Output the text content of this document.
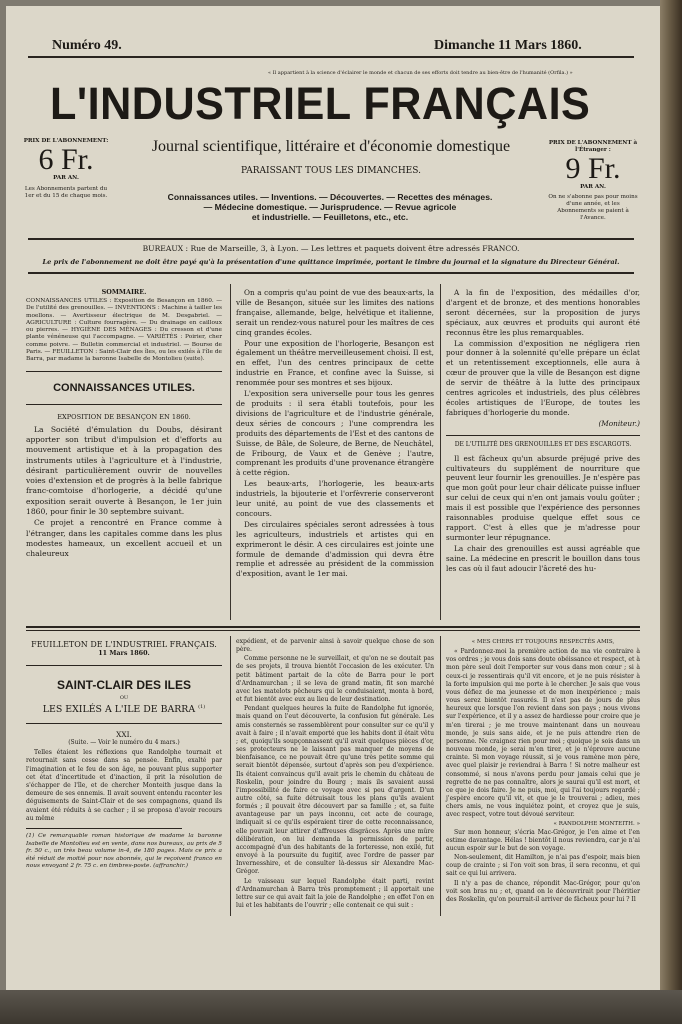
Numéro 49.	Dimanche 11 Mars 1860.
« Il appartient à la science d'éclairer le monde et chacun de ses efforts doit tendre au bien-être de l'humanité (Orfila.) »
L'INDUSTRIEL FRANÇAIS
PRIX DE L'ABONNEMENT:
6 Fr.
PAR AN.
Les Abonnements partent du 1er et du 15 de chaque mois.
PRIX DE L'ABONNEMENT à l'Étranger :
9 Fr.
PAR AN.
On ne s'abonne pas pour moins d'une année, et les Abonnements se paient à l'Avance.
Journal scientifique, littéraire et d'économie domestique
PARAISSANT TOUS LES DIMANCHES.
Connaissances utiles. — Inventions. — Découvertes. — Recettes des ménages.
— Médecine domestique. — Jurisprudence. — Revue agricole
et industrielle. — Feuilletons, etc., etc.
BUREAUX : Rue de Marseille, 3, à Lyon. — Les lettres et paquets doivent être adressés FRANCO.
Le prix de l'abonnement ne doit être payé qu'à la présentation d'une quittance imprimée, portant le timbre du journal et la signature du Directeur Général.
SOMMAIRE.
CONNAISSANCES UTILES : Exposition de Besançon en 1860. — De l'utilité des grenouilles. — INVENTIONS : Machine à tailler les moellons. — Avertisseur électrique de M. Desgabriel. — AGRICULTURE : Culture fourragère. — Du drainage en cailloux ou pierres. — HYGIÈNE DES MÉNAGES : Du cresson et d'une plante vénéneuse qui l'accompagne. — VARIÉTÉS : Poirier, cher comme poivre. — Bulletin commercial et industriel. — Bourse de Paris. — FEUILLETON : Saint-Clair des îles, ou les exilés à l'île de Barra, par madame la baronne Isabelle de Montolieu (suite).
CONNAISSANCES UTILES.
EXPOSITION DE BESANÇON EN 1860.

La Société d'émulation du Doubs, désirant apporter son tribut d'impulsion et d'efforts au mouvement artistique et à la propagation des instruments utiles à l'agriculture et à l'industrie, désirant particulièrement ouvrir de nouvelles voies d'extension et de progrès à la belle fabrique franc-comtoise d'horlogerie, a décidé qu'une exposition serait ouverte à Besançon, le 1er juin 1860, pour finir le 30 septembre suivant.

Ce projet a rencontré en France comme à l'étranger, dans les capitales comme dans les plus modestes hameaux, un excellent accueil et un chaleureux

On a compris qu'au point de vue des beaux-arts, la ville de Besançon, située sur les limites des nations française, allemande, belge, helvétique et italienne, serait un rendez-vous naturel pour les maîtres de ces cinq grandes écoles.

Pour une exposition de l'horlogerie, Besançon est également un théâtre merveilleusement choisi. Il est, en effet, l'un des centres principaux de cette industrie en France, et confine avec la Suisse, si renommée pour ses montres et ses bijoux.

L'exposition sera universelle pour tous les genres de produits : il sera établi toutefois, pour les divisions de l'agriculture et de l'industrie générale, deux séries de concours ; l'une comprendra les produits des départements de l'Est et des cantons de Suisse, de Bâle, de Soleure, de Berne, de Neuchâtel, de Fribourg, de Vaux et de Genève ; l'autre, comprenant les produits d'une provenance étrangère à cette région.

Les beaux-arts, l'horlogerie, les beaux-arts industriels, la bijouterie et l'orfèvrerie conserveront leur unité, au point de vue des classements et concours.

Des circulaires spéciales seront adressées à tous les agriculteurs, industriels et artistes qui en exprimeront le désir. A ces circulaires est jointe une formule de demande d'admission qui devra être remplie et adressée au président de la commission d'exposition, avant le 1er mai.

A la fin de l'exposition, des médailles d'or, d'argent et de bronze, et des mentions honorables seront décernées, sur la proposition de jurys spéciaux, aux œuvres et produits qui auront été reconnus être les plus remarquables.

La commission d'exposition ne négligera rien pour donner à la solennité qu'elle prépare un éclat et un retentissement exceptionnels, elle aura à cœur de prouver que la ville de Besançon est digne de servir de théâtre à la lutte des principaux centres agricoles et industriels, des plus célèbres écoles artistiques de l'Europe, de toutes les fabriques d'horlogerie du monde.

(Moniteur.)
DE L'UTILITÉ DES GRENOUILLES ET DES ESCARGOTS.

Il est fâcheux qu'un absurde préjugé prive des cultivateurs du supplément de nourriture que peuvent leur fournir les grenouilles. Je n'espère pas que mon goût pour leur chair délicate puisse influer sur celui de ceux qui n'en ont jamais voulu goûter ; mais il est possible que l'expérience des personnes raisonnables produise quelque effet sous ce rapport. C'est à elles que je m'adresse pour surmonter leur répugnance.

La chair des grenouilles est aussi agréable que saine. La médecine en prescrit le bouillon dans tous les cas où il faut adoucir l'âcreté des hu-

FEUILLETON DE L'INDUSTRIEL FRANÇAIS.
11 Mars 1860.
SAINT-CLAIR DES ILES
OU
LES EXILÉS A L'ILE DE BARRA $^{(1)}$
XXI.
(Suite. — Voir le numéro du 4 mars.)

Telles étaient les réflexions que Randolphe tournait et retournait sans cesse dans sa pensée. Enfin, exalté par l'imagination et le feu de son âge, ne pouvant plus supporter cet état d'incertitude et d'inaction, il prit la résolution de s'échapper de l'île, et de chercher Monteith jusque dans la demeure de ses ennemis. Il avait souvent entendu raconter les déguisements de Saint-Clair et de ses compagnons, quand ils avaient été réduits à se cacher ; il se proposa d'avoir recours au même

(1) Ce remarquable roman historique de madame la baronne Isabelle de Montolieu est en vente, dans nos bureaux, au prix de 5 fr. 50 c., un très beau volume in-4, de 180 pages. Mais ce prix a été réduit de moitié pour nos abonnés, qui le reçoivent franco en nous envoyant 2 fr. 75 c. en timbres-poste. (affranchir.)

expédient, et de parvenir ainsi à savoir quelque chose de son père.

Comme personne ne le surveillait, et qu'on ne se doutait pas de ses projets, il trouva bientôt l'occasion de les exécuter. Un petit bâtiment partait de la côte de Barra pour le port d'Ardnamurchan ; il se leva de grand matin, fit son marché avec les matelots pêcheurs qui le conduisaient, monta à bord, et fut bientôt avec eux au lieu de leur destination.

Pendant quelques heures la fuite de Randolphe fut ignorée, mais quand on l'eut découverte, la confusion fut générale. Les amis consternés se rassemblèrent pour consulter sur ce qu'il y avait à faire ; il n'avait emporté que les habits dont il était vêtu ; et, quoiqu'ils soupçonnassent qu'il avait quelques pièces d'or, ses protecteurs ne le laissant pas manquer de moyens de bienfaisance, ce ne pouvait être qu'une très petite somme qui serait bientôt dépensée, surtout d'après son peu d'expérience. Ils étaient convaincus qu'il avait pris le chemin du château de Roskelin, pour joindre du Bourg ; mais ils savaient aussi l'impossibilité de faire ce voyage avec si peu d'argent. D'un autre côté, sa fuite détruisait tous les plans qu'ils avaient formés ; il pouvait être découvert par sa famille ; et, sa fuite avantageuse par un pays inconnu, cet acte de courage, indiquait si ce qu'ils espéraient tirer de cette reconnaissance, elle pouvait leur attirer d'affreuses disgrâces. Après une mûre délibération, on lui demanda la permission de partir, accompagné d'un des habitants de la forteresse, non exilé, fut envoyé à la poursuite du fugitif, avec l'ordre de passer par Invernesshire, et de consulter là-dessus sir Alexandre Mac-Grégor.

Le vaisseau sur lequel Randolphe était parti, revint d'Ardnamurchan à Barra très promptement ; il apportait une lettre sur ce qui avait fait la joie de Randolphe ; en effet l'on en lui et les habitants de l'ouvrir ; elle contenait ce qui suit :

« MES CHERS ET TOUJOURS RESPECTÉS AMIS,

« Pardonnez-moi la première action de ma vie contraire à vos ordres ; je vous dois sans doute obéissance et respect, et à mon père seul doit l'emporter sur vous dans mon cœur ; si à ceux-ci je ressentirais qu'il vit encore, et je ne puis résister à la forte impulsion qui me porte à le chercher. Je sais que vous vous défiez de ma jeunesse et de mon inexpérience ; mais vous serez bientôt rassurés. Il n'est pas de jours de plus heureux que lorsque l'on revient dans son pays ; nous vivons sur l'expérience, et il y a assez de hardiesse pour croire que je m'en tirerai ; je me trouve maintenant dans un nouveau monde, je suis sans aide, et je ne puis attendre rien de personne. Ne craignez rien pour moi ; quoique je sois dans un nouveau monde, je serai m'en tirer, et je n'éprouve aucune crainte. Si mon voyage réussit, si je vous ramène mon père, avec quel plaisir je reviendrai à Barra ! Si notre malheur est consommé, si nous n'avons perdu pour jamais celui que je regrette de ne pas connaître, alors je saurai qu'il est mort, et ce que je dois faire. Je ne puis, moi, qui l'ai toujours regardé ; j'espère encore qu'il vit, et que je le trouverai ; adieu, mes chers amis, ne vous inquiétez point, et croyez que je suis, avec respect, votre tout dévoué serviteur.

« RANDOLPHE MONTEITH. »

Sur mon honneur, s'écria Mac-Grégor, je l'en aime et l'en estime davantage. Hélas ! bientôt il nous reviendra, car je n'ai aucun espoir sur le but de son voyage.

Non-seulement, dit Hamilton, je n'ai pas d'espoir, mais bien coup de crainte ; si l'on voit son bras, il sera reconnu, et qui sait ce qui lui arrivera.

Il n'y a pas de chance, répondit Mac-Grégor, pour qu'on voit son bras nu ; et, quand on le découvrirait pour l'héritier des Roskelin, qu'on pourrait-il arriver de fâcheux pour lui ? Il
